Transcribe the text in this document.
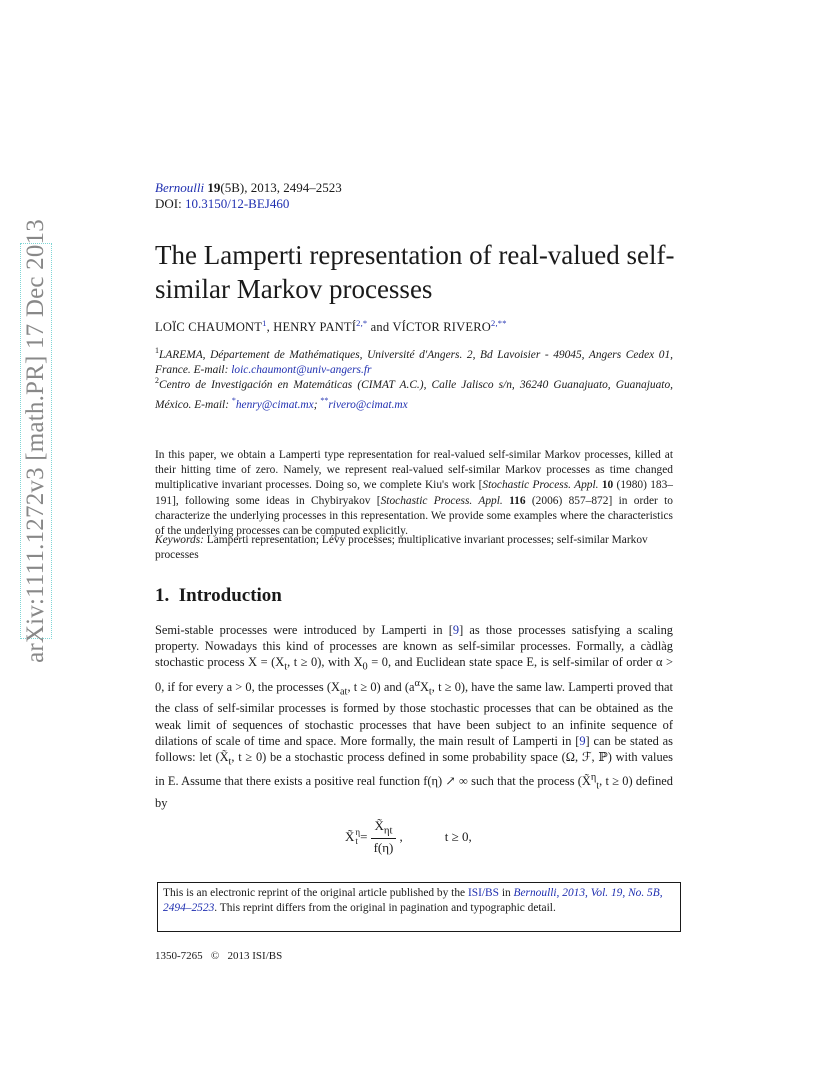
arXiv:1111.1272v3 [math.PR] 17 Dec 2013
Bernoulli 19(5B), 2013, 2494–2523
DOI: 10.3150/12-BEJ460
The Lamperti representation of real-valued self-similar Markov processes
LOÏC CHAUMONT$^1$, HENRY $PANTÍ^{2,*}$ and VÍCTOR $RIVERO^{2,**}$
$^1$LAREMA, Département de Mathématiques, Université d'Angers. 2, Bd Lavoisier - 49045, Angers Cedex 01, France. E-mail: loic.chaumont@univ-angers.fr
$^2$Centro de Investigación en Matemáticas (CIMAT A.C.), Calle Jalisco s/n, 36240 Guanajuato, Guanajuato, México. E-mail: *henry@cimat.mx; **rivero@cimat.mx

In this paper, we obtain a Lamperti type representation for real-valued self-similar Markov processes, killed at their hitting time of zero. Namely, we represent real-valued self-similar Markov processes as time changed multiplicative invariant processes. Doing so, we complete Kiu's work [Stochastic Process. Appl. 10 (1980) 183–191], following some ideas in Chybiryakov [Stochastic Process. Appl. 116 (2006) 857–872] in order to characterize the underlying processes in this representation. We provide some examples where the characteristics of the underlying processes can be computed explicitly.

Keywords: Lamperti representation; Lévy processes; multiplicative invariant processes; self-similar Markov processes

1. Introduction

Semi-stable processes were introduced by Lamperti in [9] as those processes satisfying a scaling property. Nowadays this kind of processes are known as self-similar processes. Formally, a càdlàg stochastic process $X = (X_t$, t ≥ 0), with $X_0 = 0$, and Euclidean state space E, is self-similar of order α > 0, if for every a > 0, the processes ($X_{at}$, t ≥ 0) and ($a^\alpha X_t$, t ≥ 0), have the same law. Lamperti proved that the class of self-similar processes is formed by those stochastic processes that can be obtained as the weak limit of sequences of stochastic processes that have been subject to an infinite sequence of dilations of scale of time and space. More formally, the main result of Lamperti in [9] can be stated as follows: let ($X̃_t$, t ≥ 0) be a stochastic process defined in some probability space (Ω, ℱ, ℙ) with values in E. Assume that there exists a positive real function f(η) ↗ ∞ such that the process (X̃$^\eta_t$, t ≥ 0) defined by

X̃ η
$t = \frac{X̃_{\eta t}}{f(\eta)}$ ,	t ≥ 0,
This is an electronic reprint of the original article published by the ISI/BS in Bernoulli, 2013, Vol. 19, No. 5B, 2494–2523. This reprint differs from the original in pagination and typographic detail.
1350-7265   ©   2013 ISI/BS
